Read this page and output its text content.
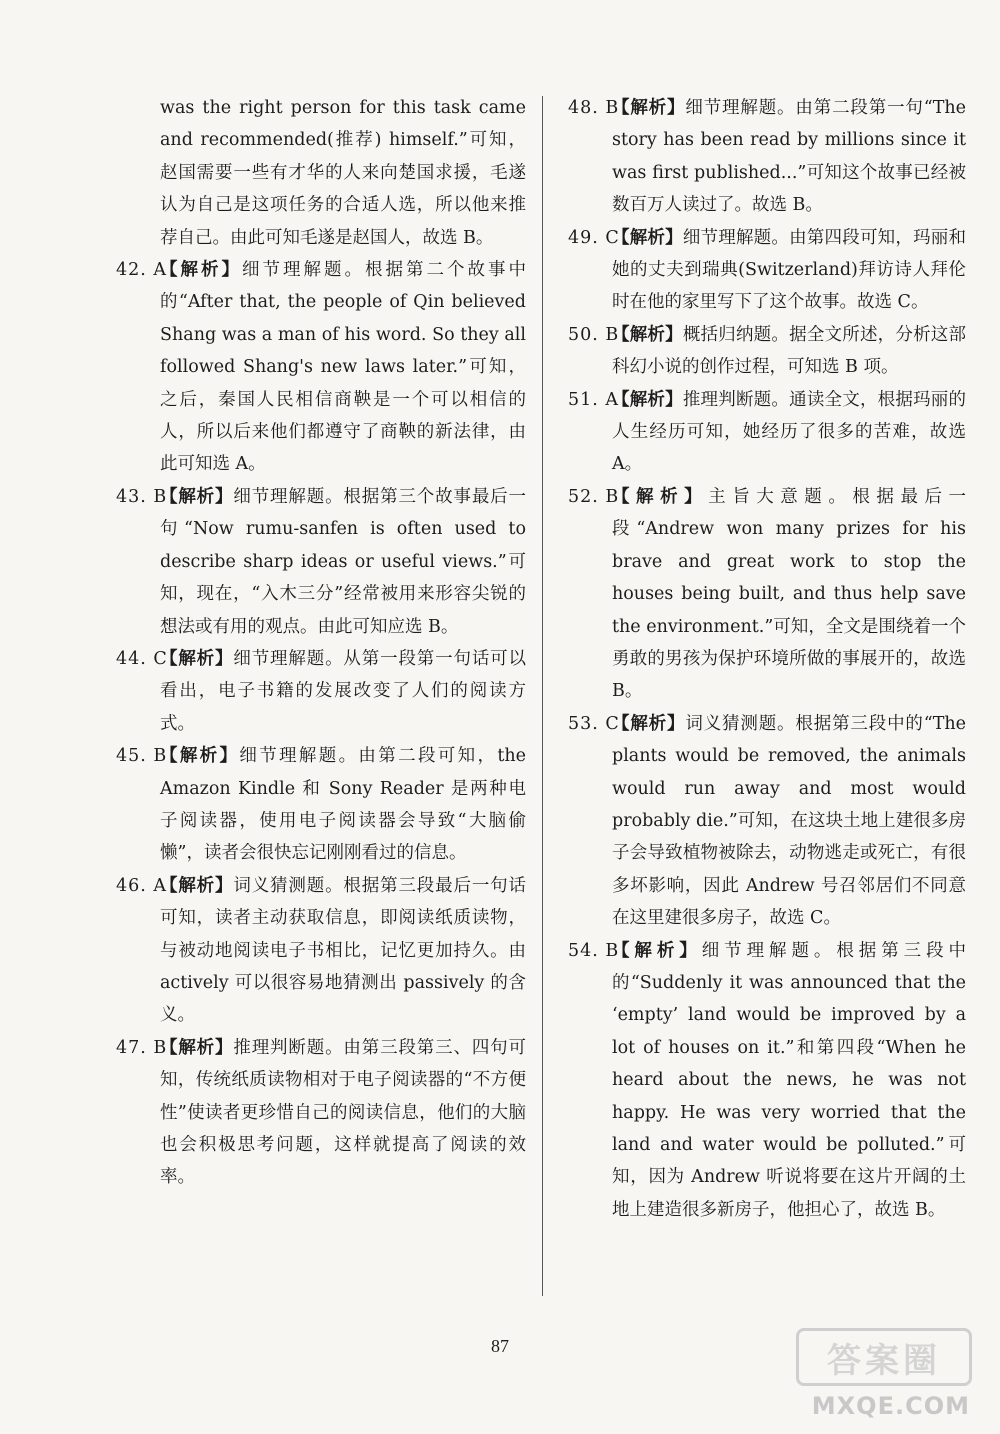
was the right person for this task came and recommended(推荐) himself.”可知，赵国需要一些有才华的人来向楚国求援，毛遂认为自己是这项任务的合适人选，所以他来推荐自己。由此可知毛遂是赵国人，故选 B。

42. A
【解析】细节理解题。根据第二个故事中的“After that, the people of Qin believed Shang was a man of his word. So they all followed Shang's new laws later.”可知，之后，秦国人民相信商鞅是一个可以相信的人，所以后来他们都遵守了商鞅的新法律，由此可知选 A。

43. B
【解析】细节理解题。根据第三个故事最后一句“Now rumu-sanfen is often used to describe sharp ideas or useful views.”可知，现在，“入木三分”经常被用来形容尖锐的想法或有用的观点。由此可知应选 B。

44. C
【解析】细节理解题。从第一段第一句话可以看出，电子书籍的发展改变了人们的阅读方式。

45. B
【解析】细节理解题。由第二段可知，the Amazon Kindle 和 Sony Reader 是两种电子阅读器，使用电子阅读器会导致“大脑偷懒”，读者会很快忘记刚刚看过的信息。

46. A
【解析】词义猜测题。根据第三段最后一句话可知，读者主动获取信息，即阅读纸质读物，与被动地阅读电子书相比，记忆更加持久。由 actively 可以很容易地猜测出 passively 的含义。

47. B
【解析】推理判断题。由第三段第三、四句可知，传统纸质读物相对于电子阅读器的“不方便性”使读者更珍惜自己的阅读信息，他们的大脑也会积极思考问题，这样就提高了阅读的效率。

48. B
【解析】细节理解题。由第二段第一句“The story has been read by millions since it was first published...”可知这个故事已经被数百万人读过了。故选 B。

49. C
【解析】细节理解题。由第四段可知，玛丽和她的丈夫到瑞典(Switzerland)拜访诗人拜伦时在他的家里写下了这个故事。故选 C。

50. B
【解析】概括归纳题。据全文所述，分析这部科幻小说的创作过程，可知选 B 项。

51. A
【解析】推理判断题。通读全文，根据玛丽的人生经历可知，她经历了很多的苦难，故选 A。

52. B
【解析】主旨大意题。根据最后一段“Andrew won many prizes for his brave and great work to stop the houses being built, and thus help save the environment.”可知，全文是围绕着一个勇敢的男孩为保护环境所做的事展开的，故选 B。

53. C
【解析】词义猜测题。根据第三段中的“The plants would be removed, the animals would run away and most would probably die.”可知，在这块土地上建很多房子会导致植物被除去，动物逃走或死亡，有很多坏影响，因此 Andrew 号召邻居们不同意在这里建很多房子，故选 C。

54. B
【解析】细节理解题。根据第三段中的“Suddenly it was announced that the ‘empty’ land would be improved by a lot of houses on it.”和第四段“When he heard about the news, he was not happy. He was very worried that the land and water would be polluted.”可知，因为 Andrew 听说将要在这片开阔的土地上建造很多新房子，他担心了，故选 B。

87	答案圈
MXQE.COM
